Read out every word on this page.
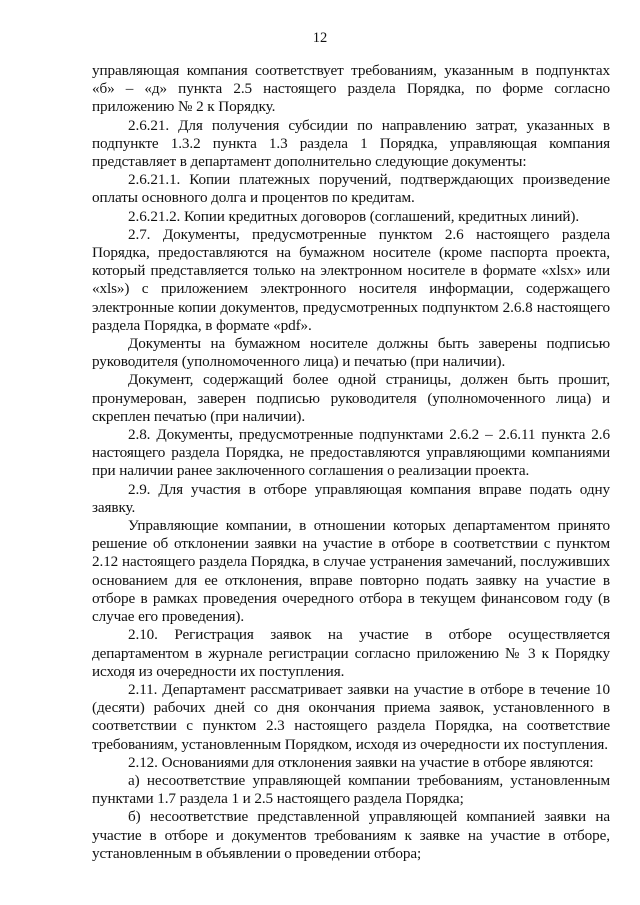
12

управляющая компания соответствует требованиям, указанным в подпунктах «б» – «д» пункта 2.5 настоящего раздела Порядка, по форме согласно приложению № 2 к Порядку.

2.6.21. Для получения субсидии по направлению затрат, указанных в подпункте 1.3.2 пункта 1.3 раздела 1 Порядка, управляющая компания представляет в департамент дополнительно следующие документы:

2.6.21.1. Копии платежных поручений, подтверждающих произведение оплаты основного долга и процентов по кредитам.

2.6.21.2. Копии кредитных договоров (соглашений, кредитных линий).

2.7. Документы, предусмотренные пунктом 2.6 настоящего раздела Порядка, предоставляются на бумажном носителе (кроме паспорта проекта, который представляется только на электронном носителе в формате «xlsx» или «xls») с приложением электронного носителя информации, содержащего электронные копии документов, предусмотренных подпунктом 2.6.8 настоящего раздела Порядка, в формате «pdf».

Документы на бумажном носителе должны быть заверены подписью руководителя (уполномоченного лица) и печатью (при наличии).

Документ, содержащий более одной страницы, должен быть прошит, пронумерован, заверен подписью руководителя (уполномоченного лица) и скреплен печатью (при наличии).

2.8. Документы, предусмотренные подпунктами 2.6.2 – 2.6.11 пункта 2.6 настоящего раздела Порядка, не предоставляются управляющими компаниями при наличии ранее заключенного соглашения о реализации проекта.

2.9. Для участия в отборе управляющая компания вправе подать одну заявку.

Управляющие компании, в отношении которых департаментом принято решение об отклонении заявки на участие в отборе в соответствии с пунктом 2.12 настоящего раздела Порядка, в случае устранения замечаний, послуживших основанием для ее отклонения, вправе повторно подать заявку на участие в отборе в рамках проведения очередного отбора в текущем финансовом году (в случае его проведения).

2.10. Регистрация заявок на участие в отборе осуществляется департаментом в журнале регистрации согласно приложению № 3 к Порядку исходя из очередности их поступления.

2.11. Департамент рассматривает заявки на участие в отборе в течение 10 (десяти) рабочих дней со дня окончания приема заявок, установленного в соответствии с пунктом 2.3 настоящего раздела Порядка, на соответствие требованиям, установленным Порядком, исходя из очередности их поступления.

2.12. Основаниями для отклонения заявки на участие в отборе являются:

а) несоответствие управляющей компании требованиям, установленным пунктами 1.7 раздела 1 и 2.5 настоящего раздела Порядка;

б) несоответствие представленной управляющей компанией заявки на участие в отборе и документов требованиям к заявке на участие в отборе, установленным в объявлении о проведении отбора;
